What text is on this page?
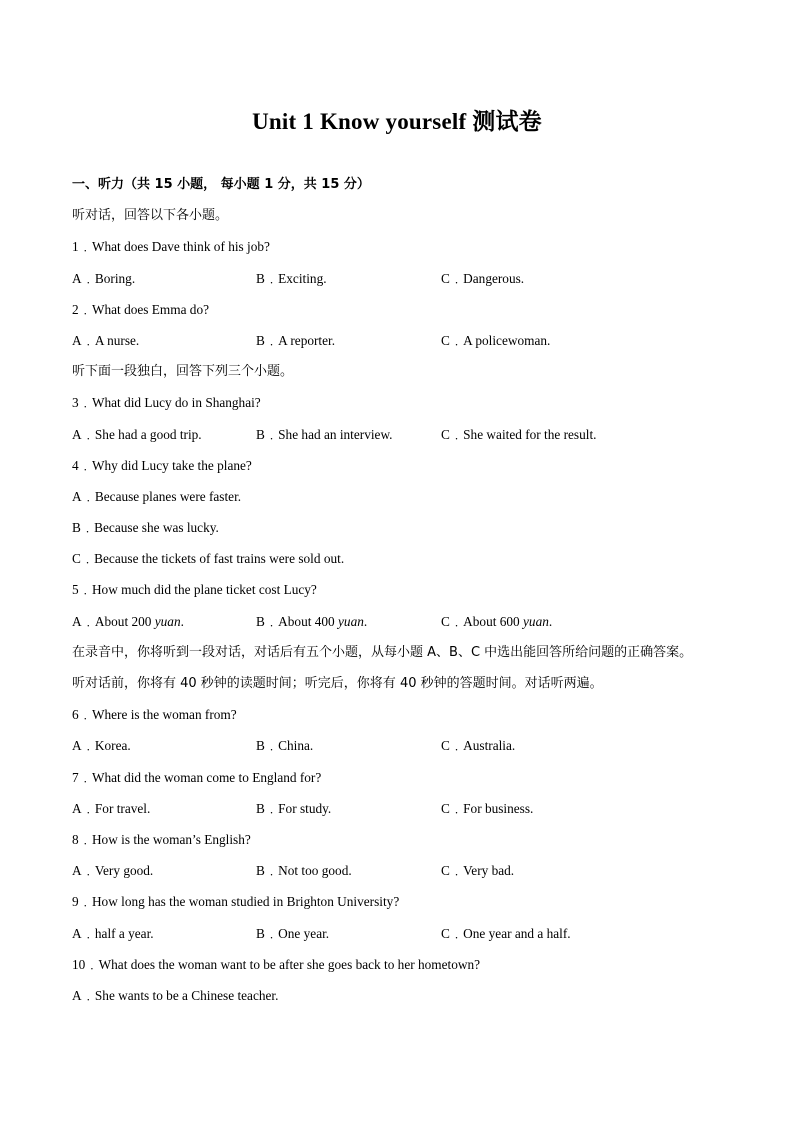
Unit 1 Know yourself 测试卷
一、听力（共 15 小题， 每小题 1 分，共 15 分）
听对话，回答以下各小题。
1﹒What does Dave think of his job?
A﹒Boring.	B﹒Exciting.	C﹒Dangerous.
2﹒What does Emma do?
A﹒A nurse.	B﹒A reporter.	C﹒A policewoman.
听下面一段独白，回答下列三个小题。
3﹒What did Lucy do in Shanghai?
A﹒She had a good trip.	B﹒She had an interview.	C﹒She waited for the result.
4﹒Why did Lucy take the plane?
A﹒Because planes were faster.
B﹒Because she was lucky.
C﹒Because the tickets of fast trains were sold out.
5﹒How much did the plane ticket cost Lucy?
A﹒About 200 yuan.	B﹒About 400 yuan.	C﹒About 600 yuan.
在录音中，你将听到一段对话，对话后有五个小题，从每小题 A、B、C 中选出能回答所给问题的正确答案。
听对话前，你将有 40 秒钟的读题时间；听完后，你将有 40 秒钟的答题时间。对话听两遍。
6﹒Where is the woman from?
A﹒Korea.	B﹒China.	C﹒Australia.
7﹒What did the woman come to England for?
A﹒For travel.	B﹒For study.	C﹒For business.
8﹒How is the woman’s English?
A﹒Very good.	B﹒Not too good.	C﹒Very bad.
9﹒How long has the woman studied in Brighton University?
A﹒half a year.	B﹒One year.	C﹒One year and a half.
10﹒What does the woman want to be after she goes back to her hometown?
A﹒She wants to be a Chinese teacher.
